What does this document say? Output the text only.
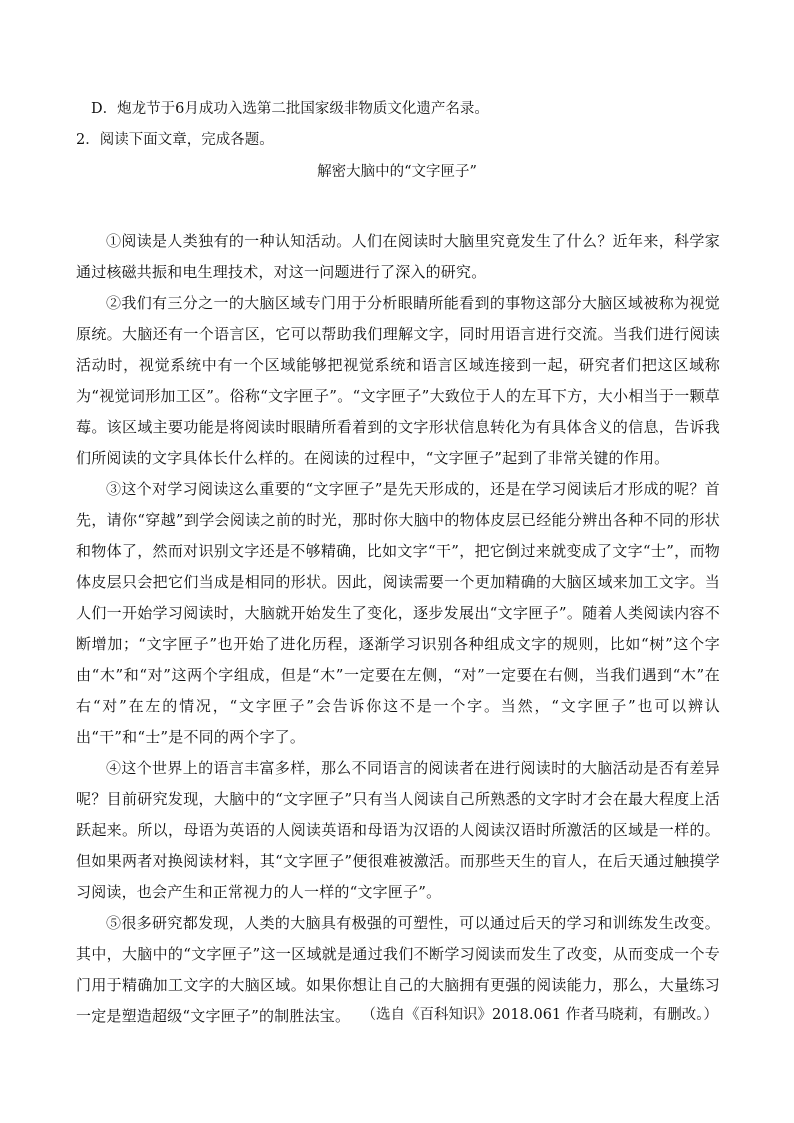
D．炮龙节于6月成功入选第二批国家级非物质文化遗产名录。
2．阅读下面文章，完成各题。
解密大脑中的“文字匣子”

①阅读是人类独有的一种认知活动。人们在阅读时大脑里究竟发生了什么？近年来，科学家通过核磁共振和电生理技术，对这一问题进行了深入的研究。

②我们有三分之一的大脑区域专门用于分析眼睛所能看到的事物这部分大脑区域被称为视觉原统。大脑还有一个语言区，它可以帮助我们理解文字，同时用语言进行交流。当我们进行阅读活动时，视觉系统中有一个区域能够把视觉系统和语言区域连接到一起，研究者们把这区域称为“视觉词形加工区”。俗称“文字匣子”。“文字匣子”大致位于人的左耳下方，大小相当于一颗草莓。该区域主要功能是将阅读时眼睛所看着到的文字形状信息转化为有具体含义的信息，告诉我们所阅读的文字具体长什么样的。在阅读的过程中，“文字匣子”起到了非常关键的作用。

③这个对学习阅读这么重要的“文字匣子”是先天形成的，还是在学习阅读后才形成的呢？首先，请你“穿越”到学会阅读之前的时光，那时你大脑中的物体皮层已经能分辨出各种不同的形状和物体了，然而对识别文字还是不够精确，比如文字“干”，把它倒过来就变成了文字“士”，而物体皮层只会把它们当成是相同的形状。因此，阅读需要一个更加精确的大脑区域来加工文字。当人们一开始学习阅读时，大脑就开始发生了变化，逐步发展出“文字匣子”。随着人类阅读内容不断增加；“文字匣子”也开始了进化历程，逐渐学习识别各种组成文字的规则，比如“树”这个字由“木”和“对”这两个字组成，但是“木”一定要在左侧，“对”一定要在右侧，当我们遇到“木”在右“对”在左的情况，“文字匣子”会告诉你这不是一个字。当然，“文字匣子”也可以辨认出“干”和“士”是不同的两个字了。

④这个世界上的语言丰富多样，那么不同语言的阅读者在进行阅读时的大脑活动是否有差异呢？目前研究发现，大脑中的“文字匣子”只有当人阅读自己所熟悉的文字时才会在最大程度上活跃起来。所以，母语为英语的人阅读英语和母语为汉语的人阅读汉语时所激活的区域是一样的。但如果两者对换阅读材料，其“文字匣子”便很难被激活。而那些天生的盲人，在后天通过触摸学习阅读，也会产生和正常视力的人一样的“文字匣子”。

⑤很多研究都发现，人类的大脑具有极强的可塑性，可以通过后天的学习和训练发生改变。其中，大脑中的“文字匣子”这一区域就是通过我们不断学习阅读而发生了改变，从而变成一个专门用于精确加工文字的大脑区域。如果你想让自己的大脑拥有更强的阅读能力，那么，大量练习一定是塑造超级“文字匣子”的制胜法宝。 （选自《百科知识》2018.061 作者马晓莉，有删改。）
